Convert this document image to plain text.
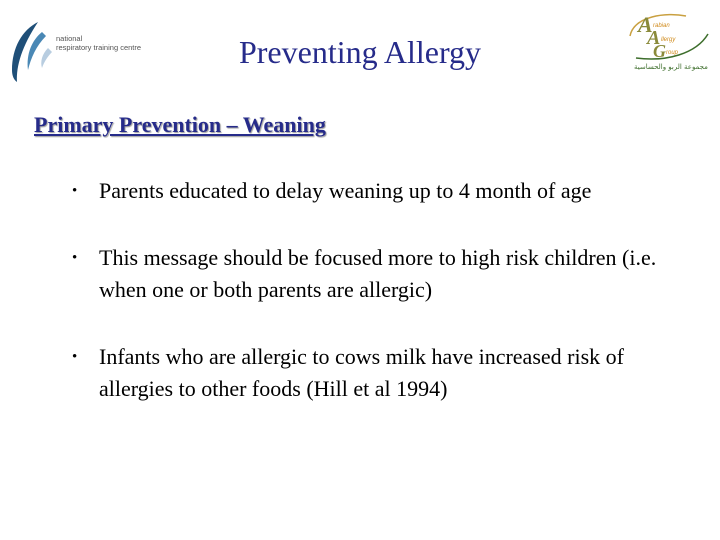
national
respiratory training centre
A rabian
A llergy
G roup
مجموعة الربو والحساسية
Preventing Allergy
Primary Prevention – Weaning
• Parents educated to delay weaning up to 4 month of age
• This message should be focused more to high risk children (i.e. when one or both parents are allergic)
• Infants who are allergic to cows milk have increased risk of allergies to other foods (Hill et al 1994)
